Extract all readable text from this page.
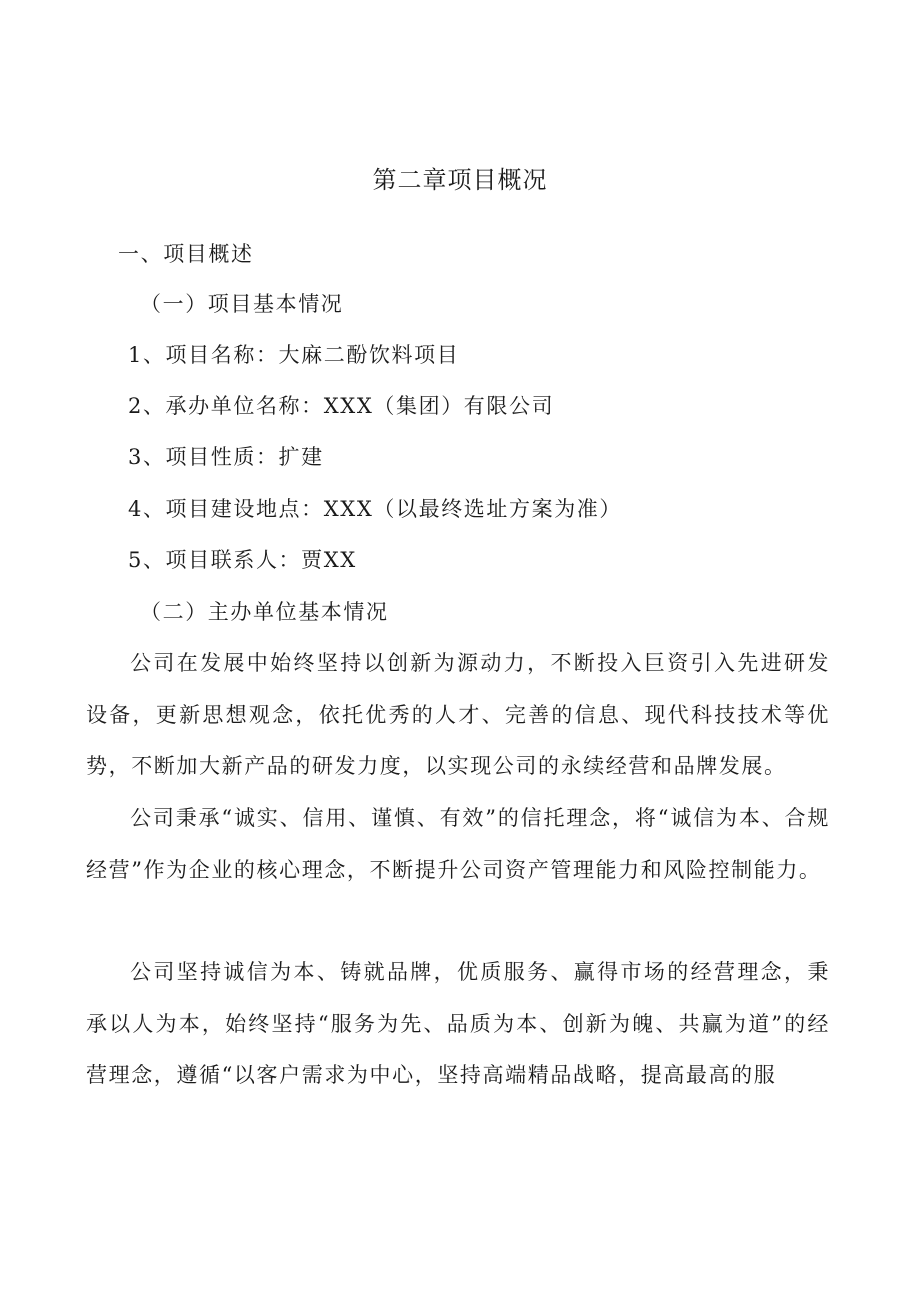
第二章项目概况
一、项目概述
（一）项目基本情况
1、项目名称：大麻二酚饮料项目
2、承办单位名称：XXX（集团）有限公司
3、项目性质：扩建
4、项目建设地点：XXX（以最终选址方案为准）
5、项目联系人：贾XX
（二）主办单位基本情况
公司在发展中始终坚持以创新为源动力，不断投入巨资引入先进研发设备，更新思想观念，依托优秀的人才、完善的信息、现代科技技术等优势，不断加大新产品的研发力度，以实现公司的永续经营和品牌发展。
公司秉承“诚实、信用、谨慎、有效”的信托理念，将“诚信为本、合规经营”作为企业的核心理念，不断提升公司资产管理能力和风险控制能力。
公司坚持诚信为本、铸就品牌，优质服务、赢得市场的经营理念，秉承以人为本，始终坚持“服务为先、品质为本、创新为魄、共赢为道”的经营理念，遵循“以客户需求为中心，坚持高端精品战略，提高最高的服
